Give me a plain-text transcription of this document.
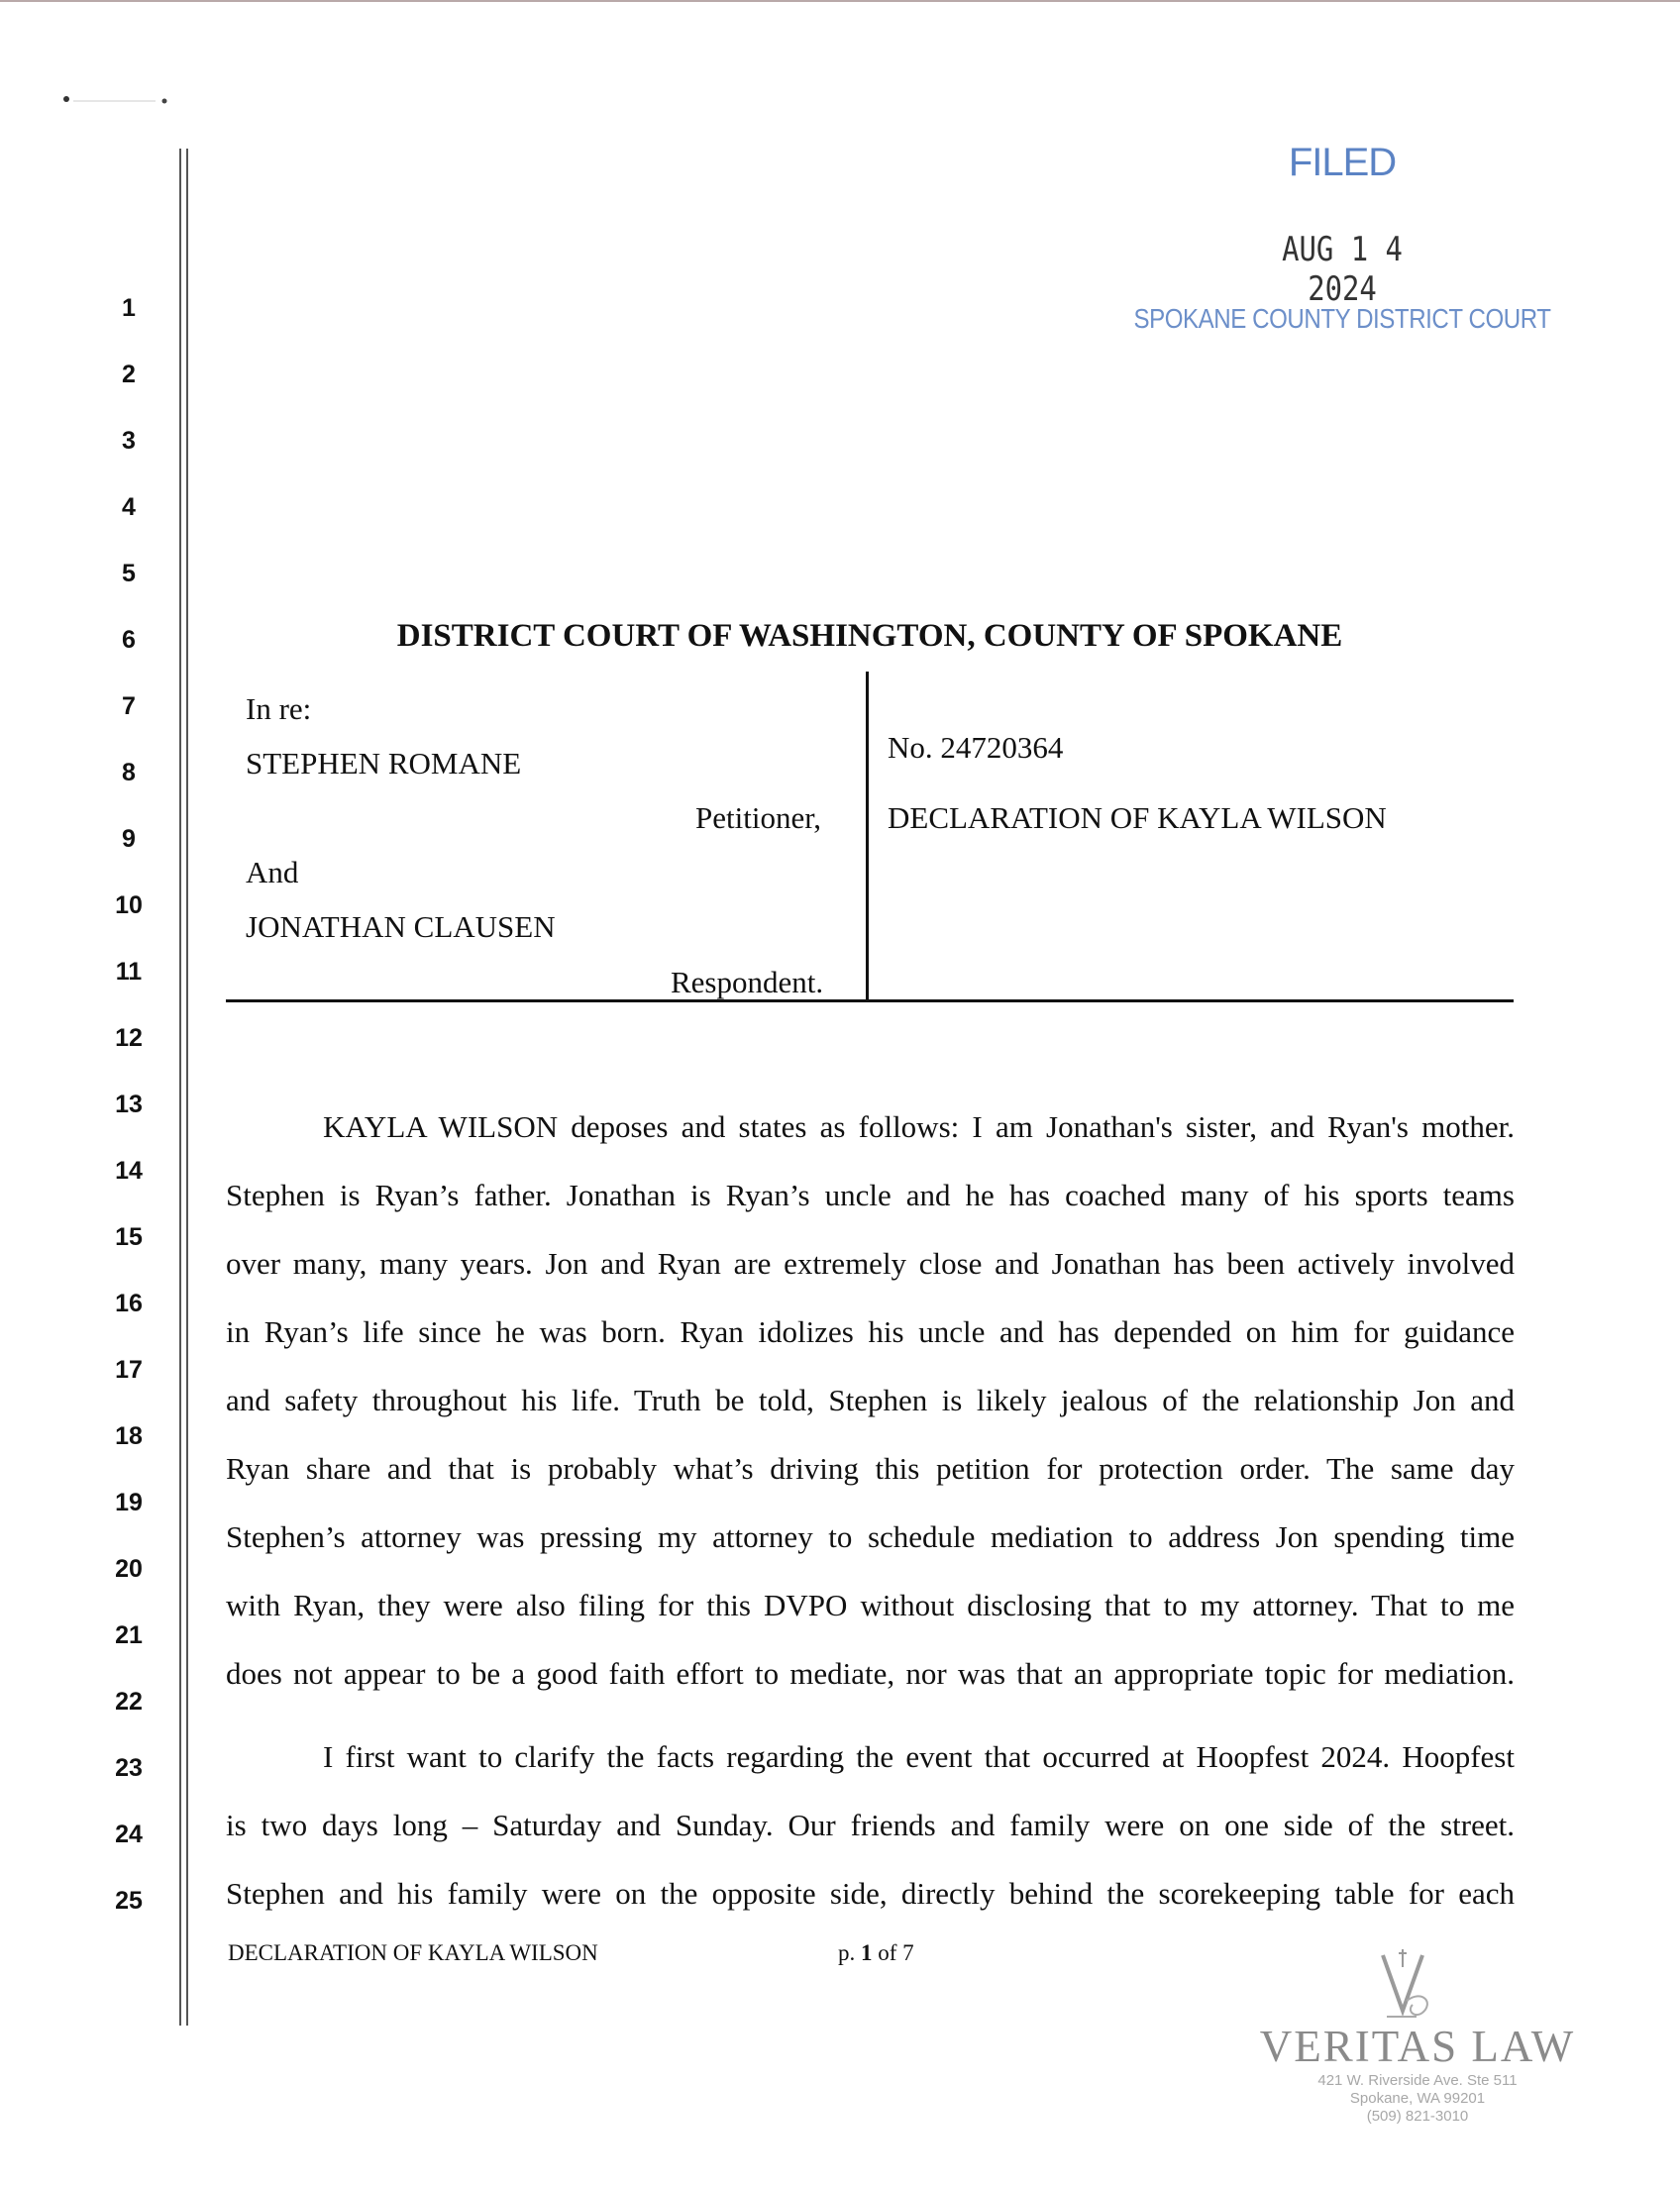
1
2
3
4
5
6
7
8
9
10
11
12
13
14
15
16
17
18
19
20
21
22
23
24
25
FILED
AUG 1 4 2024
SPOKANE COUNTY DISTRICT COURT
DISTRICT COURT OF WASHINGTON, COUNTY OF SPOKANE
In re:
STEPHEN ROMANE
Petitioner,
And
JONATHAN CLAUSEN
Respondent.
No. 24720364
DECLARATION OF KAYLA WILSON
KAYLA WILSON deposes and states as follows: I am Jonathan's sister, and Ryan's mother.
Stephen is Ryan’s father. Jonathan is Ryan’s uncle and he has coached many of his sports teams
over many, many years. Jon and Ryan are extremely close and Jonathan has been actively involved
in Ryan’s life since he was born. Ryan idolizes his uncle and has depended on him for guidance
and safety throughout his life. Truth be told, Stephen is likely jealous of the relationship Jon and
Ryan share and that is probably what’s driving this petition for protection order. The same day
Stephen’s attorney was pressing my attorney to schedule mediation to address Jon spending time
with Ryan, they were also filing for this DVPO without disclosing that to my attorney. That to me
does not appear to be a good faith effort to mediate, nor was that an appropriate topic for mediation.
I first want to clarify the facts regarding the event that occurred at Hoopfest 2024. Hoopfest
is two days long – Saturday and Sunday. Our friends and family were on one side of the street.
Stephen and his family were on the opposite side, directly behind the scorekeeping table for each
DECLARATION OF KAYLA WILSON	p. 1 of 7
VERITAS LAW
421 W. Riverside Ave. Ste 511
Spokane, WA 99201
(509) 821-3010
